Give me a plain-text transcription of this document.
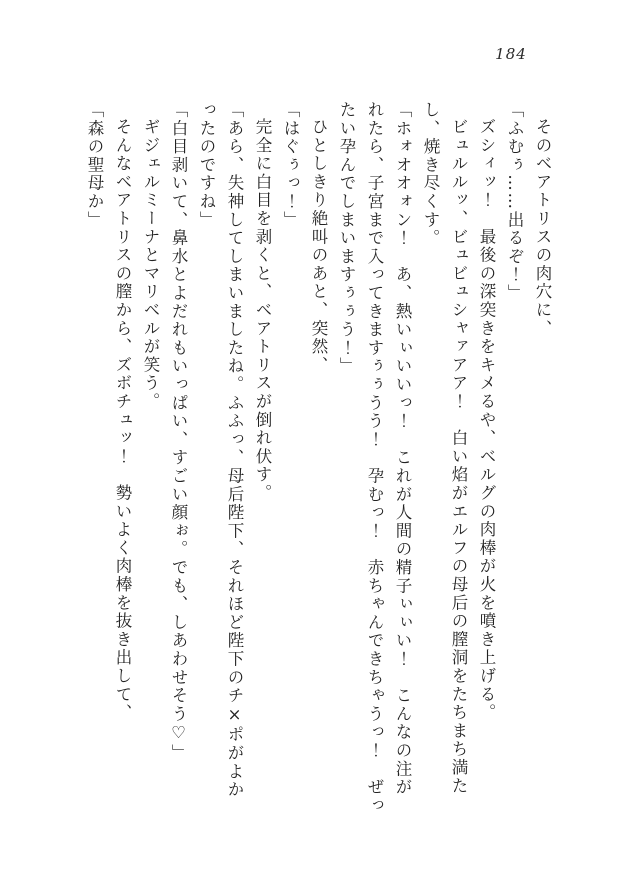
184

そのベアトリスの肉穴に、

「ふむぅ……出るぞ！」

ズシィッ！　最後の深突きをキメるや、ベルグの肉棒が火を噴き上げる。

ビュルルッ、ビュビュシャァアア！　白い焰がエルフの母后の膣洞をたちまち満た

し、焼き尽くす。

「ホォオオォン！　あ、熱いぃいいっ！　これが人間の精子ぃぃい！　こんなの注が

れたら、子宮まで入ってきますぅぅうう！　孕むっ！　赤ちゃんできちゃうっ！　ぜっ

たい孕んでしまいますぅぅう！」

ひとしきり絶叫のあと、突然、

「はぐぅっ！」

完全に白目を剥くと、ベアトリスが倒れ伏す。

「あら、失神してしまいましたね。ふふっ、母后陛下、それほど陛下のチ×ポがよか

ったのですね」

「白目剥いて、鼻水とよだれもいっぱい、すごい顔ぉ。でも、しあわせそう♡」

ギジェルミーナとマリベルが笑う。

そんなベアトリスの膣から、ズボチュッ！　勢いよく肉棒を抜き出して、

「森の聖母か」
